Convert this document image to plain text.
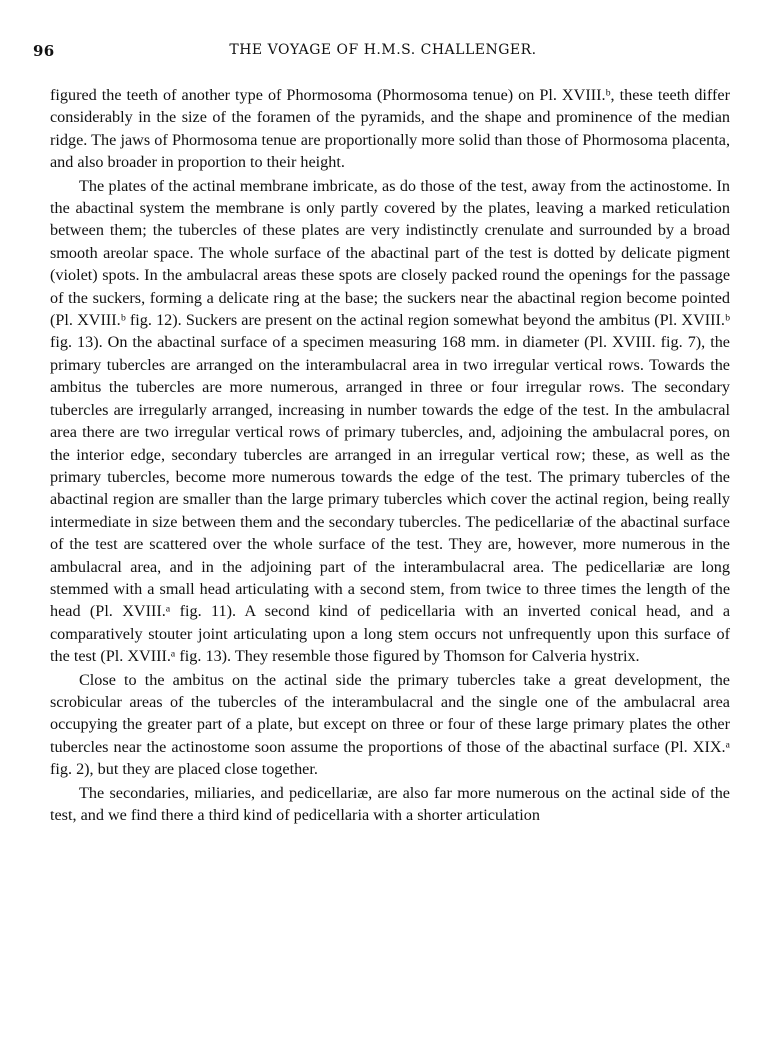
96	THE VOYAGE OF H.M.S. CHALLENGER.

figured the teeth of another type of Phormosoma (Phormosoma tenue) on Pl. XVIII.ᵇ, these teeth differ considerably in the size of the foramen of the pyramids, and the shape and prominence of the median ridge. The jaws of Phormosoma tenue are proportionally more solid than those of Phormosoma placenta, and also broader in proportion to their height.

The plates of the actinal membrane imbricate, as do those of the test, away from the actinostome. In the abactinal system the membrane is only partly covered by the plates, leaving a marked reticulation between them; the tubercles of these plates are very indistinctly crenulate and surrounded by a broad smooth areolar space. The whole surface of the abactinal part of the test is dotted by delicate pigment (violet) spots. In the ambulacral areas these spots are closely packed round the openings for the passage of the suckers, forming a delicate ring at the base; the suckers near the abactinal region become pointed (Pl. XVIII.ᵇ fig. 12). Suckers are present on the actinal region somewhat beyond the ambitus (Pl. XVIII.ᵇ fig. 13). On the abactinal surface of a specimen measuring 168 mm. in diameter (Pl. XVIII. fig. 7), the primary tubercles are arranged on the interambulacral area in two irregular vertical rows. Towards the ambitus the tubercles are more numerous, arranged in three or four irregular rows. The secondary tubercles are irregularly arranged, increasing in number towards the edge of the test. In the ambulacral area there are two irregular vertical rows of primary tubercles, and, adjoining the ambulacral pores, on the interior edge, secondary tubercles are arranged in an irregular vertical row; these, as well as the primary tubercles, become more numerous towards the edge of the test. The primary tubercles of the abactinal region are smaller than the large primary tubercles which cover the actinal region, being really intermediate in size between them and the secondary tubercles. The pedicellariæ of the abactinal surface of the test are scattered over the whole surface of the test. They are, however, more numerous in the ambulacral area, and in the adjoining part of the interambulacral area. The pedicellariæ are long stemmed with a small head articulating with a second stem, from twice to three times the length of the head (Pl. XVIII.ᵃ fig. 11). A second kind of pedicellaria with an inverted conical head, and a comparatively stouter joint articulating upon a long stem occurs not unfrequently upon this surface of the test (Pl. XVIII.ᵃ fig. 13). They resemble those figured by Thomson for Calveria hystrix.

Close to the ambitus on the actinal side the primary tubercles take a great development, the scrobicular areas of the tubercles of the interambulacral and the single one of the ambulacral area occupying the greater part of a plate, but except on three or four of these large primary plates the other tubercles near the actinostome soon assume the proportions of those of the abactinal surface (Pl. XIX.ᵃ fig. 2), but they are placed close together.

The secondaries, miliaries, and pedicellariæ, are also far more numerous on the actinal side of the test, and we find there a third kind of pedicellaria with a shorter articulation
